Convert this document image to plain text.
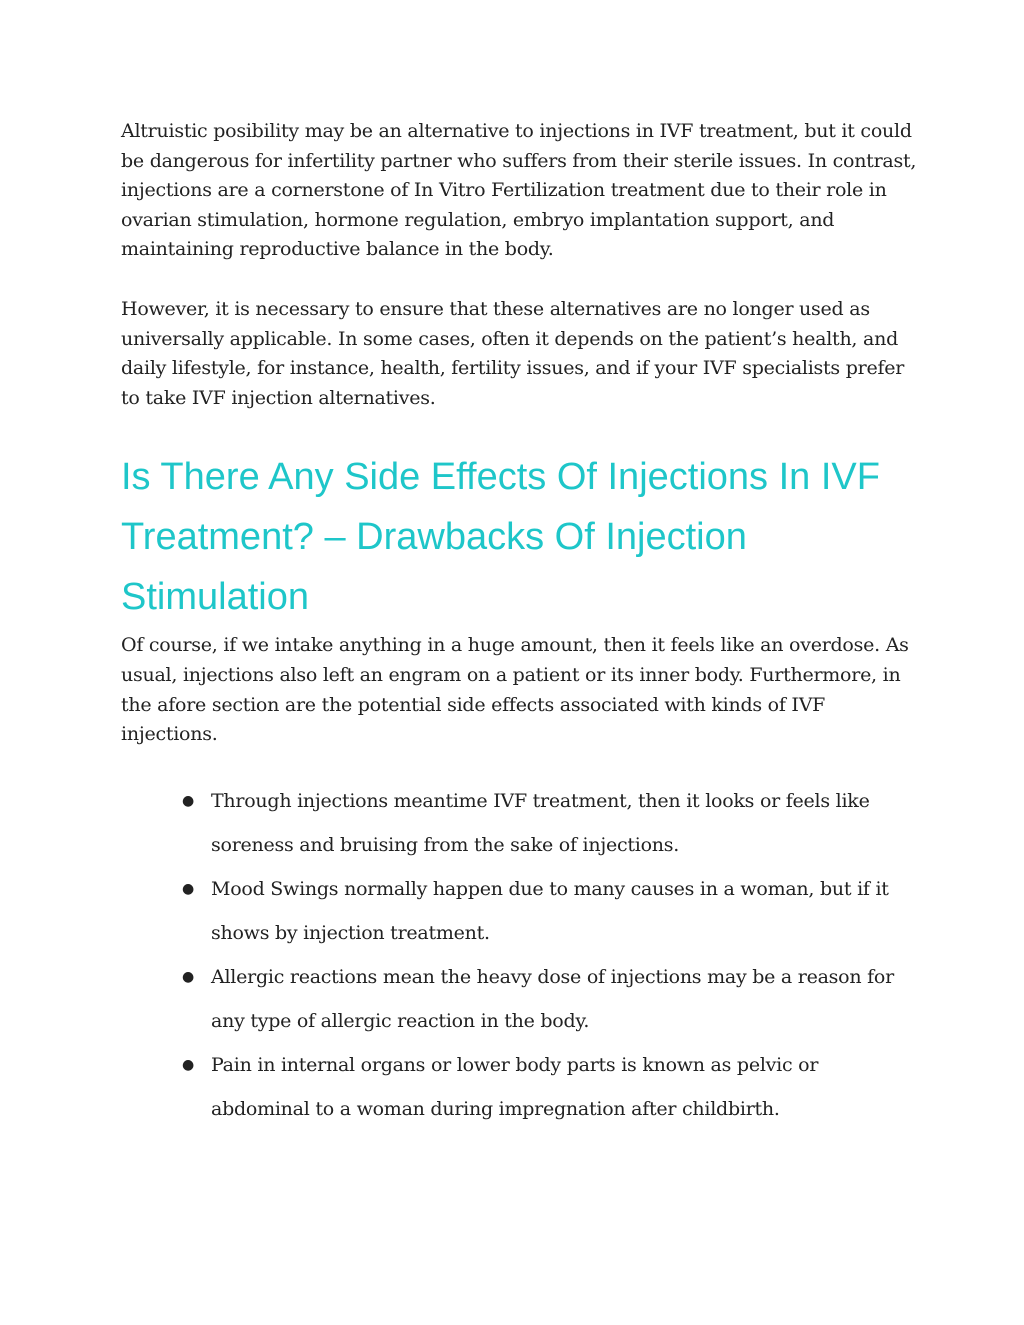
Altruistic posibility may be an alternative to injections in IVF treatment, but it could be dangerous for infertility partner who suffers from their sterile issues. In contrast, injections are a cornerstone of In Vitro Fertilization treatment due to their role in ovarian stimulation, hormone regulation, embryo implantation support, and maintaining reproductive balance in the body.

However, it is necessary to ensure that these alternatives are no longer used as universally applicable. In some cases, often it depends on the patient’s health, and daily lifestyle, for instance, health, fertility issues, and if your IVF specialists prefer to take IVF injection alternatives.

Is There Any Side Effects Of Injections In IVF Treatment? – Drawbacks Of Injection Stimulation

Of course, if we intake anything in a huge amount, then it feels like an overdose. As usual, injections also left an engram on a patient or its inner body. Furthermore, in the afore section are the potential side effects associated with kinds of IVF injections.

● Through injections meantime IVF treatment, then it looks or feels like soreness and bruising from the sake of injections.
● Mood Swings normally happen due to many causes in a woman, but if it shows by injection treatment.
● Allergic reactions mean the heavy dose of injections may be a reason for any type of allergic reaction in the body.
● Pain in internal organs or lower body parts is known as pelvic or abdominal to a woman during impregnation after childbirth.
